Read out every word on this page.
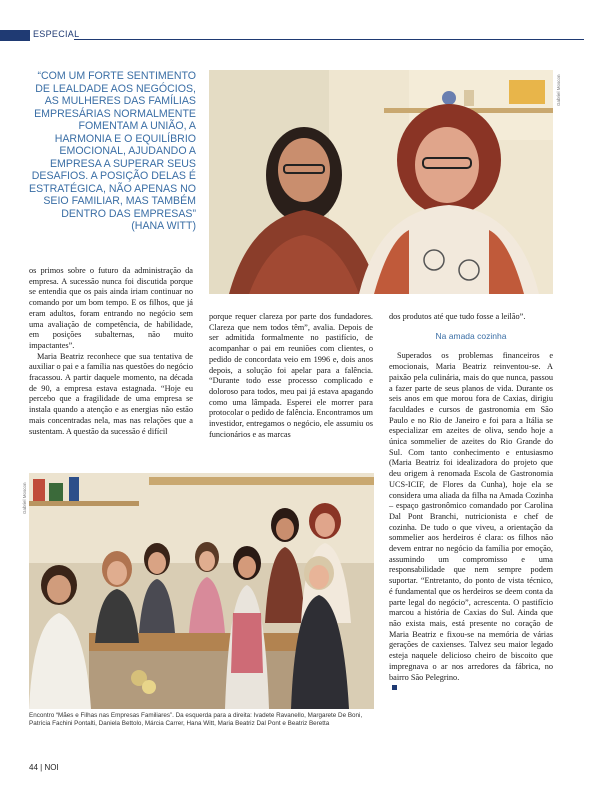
ESPECIAL
“COM UM FORTE SENTIMENTO DE LEALDADE AOS NEGÓCIOS, AS MULHERES DAS FAMÍLIAS EMPRESÁRIAS NORMALMENTE FOMENTAM A UNIÃO, A HARMONIA E O EQUILÍBRIO EMOCIONAL, AJUDANDO A EMPRESA A SUPERAR SEUS DESAFIOS. A POSIÇÃO DELAS É ESTRATÉGICA, NÃO APENAS NO SEIO FAMILIAR, MAS TAMBÉM DENTRO DAS EMPRESAS”
(HANA WITT)
Gabriel Moscon

os primos sobre o futuro da administração da empresa. A sucessão nunca foi discutida porque se entendia que os pais ainda iriam continuar no comando por um bom tempo. E os filhos, que já eram adultos, foram entrando no negócio sem uma avaliação de competência, de habilidade, em posições subalternas, não muito impactantes”.

Maria Beatriz reconhece que sua tentativa de auxiliar o pai e a família nas questões do negócio fracassou. A partir daquele momento, na década de 90, a empresa estava estagnada. “Hoje eu percebo que a fragilidade de uma empresa se instala quando a atenção e as energias não estão mais concentradas nela, mas nas relações que a sustentam. A questão da sucessão é difícil

porque requer clareza por parte dos fundadores. Clareza que nem todos têm”, avalia. Depois de ser admitida formalmente no pastifício, de acompanhar o pai em reuniões com clientes, o pedido de concordata veio em 1996 e, dois anos depois, a solução foi apelar para a falência. “Durante todo esse processo complicado e doloroso para todos, meu pai já estava apagando como uma lâmpada. Esperei ele morrer para protocolar o pedido de falência. Encontramos um investidor, entregamos o negócio, ele assumiu os funcionários e as marcas

dos produtos até que tudo fosse a leilão”.

Na amada cozinha

Superados os problemas financeiros e emocionais, Maria Beatriz reinventou-se. A paixão pela culinária, mais do que nunca, passou a fazer parte de seus planos de vida. Durante os seis anos em que morou fora de Caxias, dirigiu faculdades e cursos de gastronomia em São Paulo e no Rio de Janeiro e foi para a Itália se especializar em azeites de oliva, sendo hoje a única sommelier de azeites do Rio Grande do Sul. Com tanto conhecimento e entusiasmo (Maria Beatriz foi idealizadora do projeto que deu origem à renomada Escola de Gastronomia UCS-ICIF, de Flores da Cunha), hoje ela se considera uma aliada da filha na Amada Cozinha – espaço gastronômico comandado por Carolina Dal Pont Branchi, nutricionista e chef de cozinha. De tudo o que viveu, a orientação da sommelier aos herdeiros é clara: os filhos não devem entrar no negócio da família por emoção, assumindo um compromisso e uma responsabilidade que nem sempre podem suportar. “Entretanto, do ponto de vista técnico, é fundamental que os herdeiros se deem conta da parte legal do negócio”, acrescenta. O pastifício marcou a história de Caxias do Sul. Ainda que não exista mais, está presente no coração de Maria Beatriz e fixou-se na memória de várias gerações de caxienses. Talvez seu maior legado esteja naquele delicioso cheiro de biscoito que impregnava o ar nos arredores da fábrica, no bairro São Pelegrino.

Gabriel Moscon
Encontro “Mães e Filhas nas Empresas Familiares”. Da esquerda para a direita: Ivadete Ravanello, Margarete De Boni, Patrícia Fachini Pontalti, Daniela Bettolo, Márcia Carrer, Hana Witt, Maria Beatriz Dal Pont e Beatriz Beretta
44 | NOI
